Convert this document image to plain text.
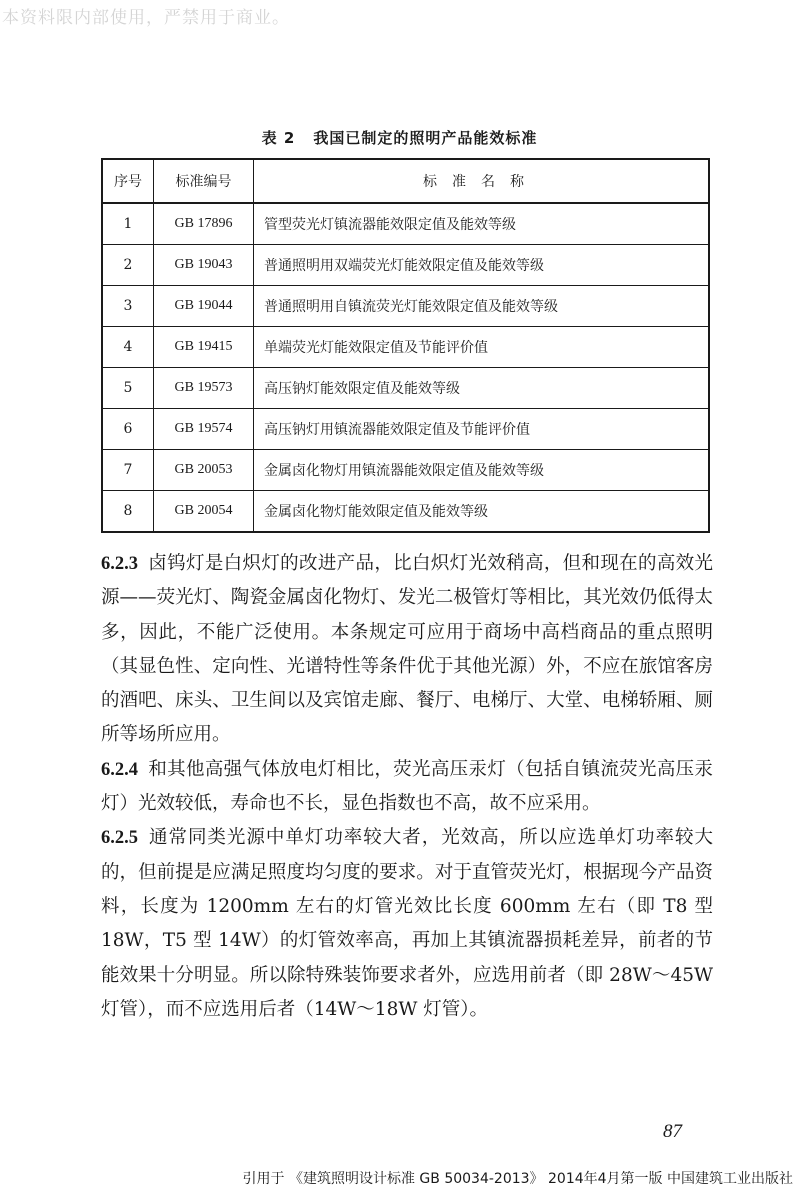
本资料限内部使用，严禁用于商业。
表 2 我国已制定的照明产品能效标准
序号	标准编号	标准名称
1	GB 17896	管型荧光灯镇流器能效限定值及能效等级
2	GB 19043	普通照明用双端荧光灯能效限定值及能效等级
3	GB 19044	普通照明用自镇流荧光灯能效限定值及能效等级
4	GB 19415	单端荧光灯能效限定值及节能评价值
5	GB 19573	高压钠灯能效限定值及能效等级
6	GB 19574	高压钠灯用镇流器能效限定值及节能评价值
7	GB 20053	金属卤化物灯用镇流器能效限定值及能效等级
8	GB 20054	金属卤化物灯能效限定值及能效等级

6.2.3 卤钨灯是白炽灯的改进产品，比白炽灯光效稍高，但和现在的高效光源——荧光灯、陶瓷金属卤化物灯、发光二极管灯等相比，其光效仍低得太多，因此，不能广泛使用。本条规定可应用于商场中高档商品的重点照明（其显色性、定向性、光谱特性等条件优于其他光源）外，不应在旅馆客房的酒吧、床头、卫生间以及宾馆走廊、餐厅、电梯厅、大堂、电梯轿厢、厕所等场所应用。

6.2.4 和其他高强气体放电灯相比，荧光高压汞灯（包括自镇流荧光高压汞灯）光效较低，寿命也不长，显色指数也不高，故不应采用。

6.2.5 通常同类光源中单灯功率较大者，光效高，所以应选单灯功率较大的，但前提是应满足照度均匀度的要求。对于直管荧光灯，根据现今产品资料，长度为 1200mm 左右的灯管光效比长度 600mm 左右（即 T8 型 18W，T5 型 14W）的灯管效率高，再加上其镇流器损耗差异，前者的节能效果十分明显。所以除特殊装饰要求者外，应选用前者（即 28W～45W 灯管），而不应选用后者（14W～18W 灯管）。

87
引用于 《建筑照明设计标准 GB 50034-2013》 2014年4月第一版 中国建筑工业出版社
